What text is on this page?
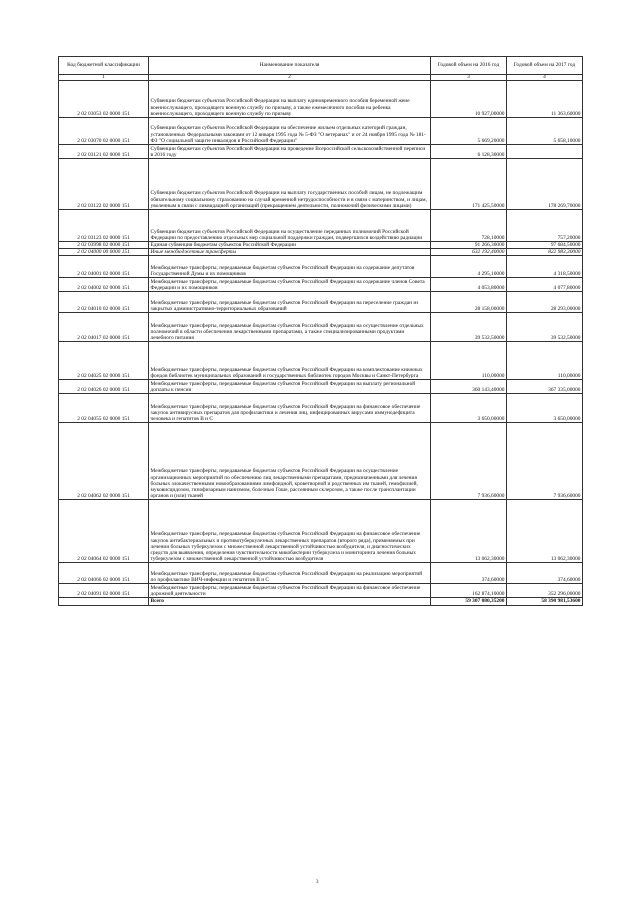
Код бюджетной классификации	Наименование показателя	Годовой объем на 2016 год	Годовой объем на 2017 год
1	2	3	4
2 02 03053 02 0000 151	Субвенции бюджетам субъектов Российской Федерации на выплату единовременного пособия беременной жене военнослужащего, проходящего военную службу по призыву, а также ежемесячного пособия на ребенка военнослужащего, проходящего военную службу по призыву	10 927,00000	11 363,60000
2 02 03070 02 0000 151	Субвенции бюджетам субъектов Российской Федерации на обеспечение жильем отдельных категорий граждан, установленных Федеральными законами от 12 января 1995 года № 5-ФЗ "О ветеранах" и от 24 ноября 1995 года № 181-ФЗ "О социальной защите инвалидов в Российской Федерации"	5 669,20000	5 658,10000
2 02 03121 02 0000 151	Субвенции бюджетам субъектов Российской Федерации на проведение Всероссийской сельскохозяйственной переписи в 2016 году	6 128,30000	
2 02 03122 02 0000 151	Субвенции бюджетам субъектов Российской Федерации на выплату государственных пособий лицам, не подлежащим обязательному социальному страхованию на случай временной нетрудоспособности и в связи с материнством, и лицам, уволенным в связи с ликвидацией организаций (прекращением деятельности, полномочий физическими лицами)	171 425,50000	178 269,70000
2 02 03123 02 0000 151	Субвенции бюджетам субъектов Российской Федерации на осуществление переданных полномочий Российской Федерации по предоставлению отдельных мер социальной поддержки граждан, подвергшихся воздействию радиации	728,10000	757,20000
2 02 03998 02 0000 151	Единая субвенция бюджетам субъектов Российской Федерации	91 266,30000	97 684,50000
2 02 04000 00 0000 151	Иные межбюджетные трансферты	632 192,40000	822 983,30000
2 02 04001 02 0000 151	Межбюджетные трансферты, передаваемые бюджетам субъектов Российской Федерации на содержание депутатов Государственной Думы и их помощников	4 295,10000	4 318,50000
2 02 04002 02 0000 151	Межбюджетные трансферты, передаваемые бюджетам субъектов Российской Федерации на содержание членов Совета Федерации и их помощников	4 053,80000	4 077,80000
2 02 04010 02 0000 151	Межбюджетные трансферты, передаваемые бюджетам субъектов Российской Федерации на переселение граждан из закрытых административно-территориальных образований	28 158,00000	28 293,00000
2 02 04017 02 0000 151	Межбюджетные трансферты, передаваемые бюджетам субъектов Российской Федерации на осуществление отдельных полномочий в области обеспечения лекарственными препаратами, а также специализированными продуктами лечебного питания	39 532,50000	39 532,50000
2 02 04025 02 0000 151	Межбюджетные трансферты, передаваемые бюджетам субъектов Российской Федерации на комплектование книжных фондов библиотек муниципальных образований и государственных библиотек городов Москвы и Санкт-Петербурга	110,00000	110,00000
2 02 04026 02 0000 151	Межбюджетные трансферты, передаваемые бюджетам субъектов Российской Федерации на выплату региональной доплаты к пенсии	360 143,40000	367 335,00000
2 02 04055 02 0000 151	Межбюджетные трансферты, передаваемые бюджетам субъектов Российской Федерации на финансовое обеспечение закупок антивирусных препаратов для профилактики и лечения лиц, инфицированных вирусами иммунодефицита человека и гепатитов В и С	3 650,00000	3 650,00000
2 02 04062 02 0000 151	Межбюджетные трансферты, передаваемые бюджетам субъектов Российской Федерации на осуществление организационных мероприятий по обеспечению лиц лекарственными препаратами, предназначенными для лечения больных злокачественными новообразованиями лимфоидной, кроветворной и родственных им тканей, гемофилией, муковисцидозом, гипофизарным нанизмом, болезнью Гоше, рассеянным склерозом, а также после трансплантации органов и (или) тканей	7 936,60000	7 936,60000
2 02 04064 02 0000 151	Межбюджетные трансферты, передаваемые бюджетам субъектов Российской Федерации на финансовое обеспечение закупок антибактериальных и противотуберкулезных лекарственных препаратов (второго ряда), применяемых при лечении больных туберкулезом с множественной лекарственной устойчивостью возбудителя, и диагностических средств для выявления, определения чувствительности микобактерии туберкулеза и мониторинга лечения больных туберкулезом с множественной лекарственной устойчивостью возбудителя	13 062,30000	13 062,30000
2 02 04066 02 0000 151	Межбюджетные трансферты, передаваемые бюджетам субъектов Российской Федерации на реализацию мероприятий по профилактике ВИЧ-инфекции и гепатитов В и С	374,60000	374,60000
2 02 04091 02 0000 151	Межбюджетные трансферты, передаваемые бюджетам субъектов Российской Федерации на финансовое обеспечение дорожной деятельности	162 874,10000	352 296,00000
	Всего	59 307 080,35200	58 390 981,53600
3
